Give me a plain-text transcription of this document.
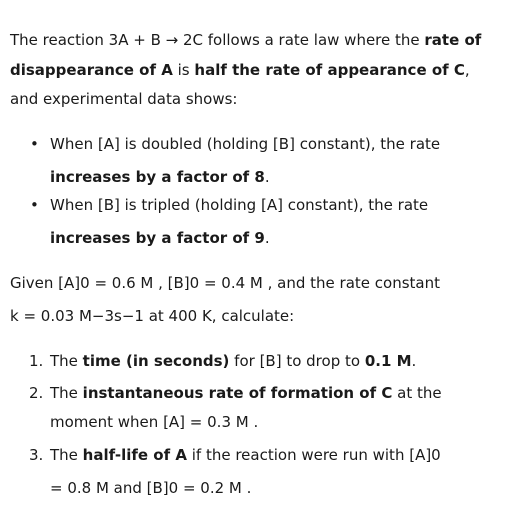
The reaction 3A + B → 2C follows a rate law where the rate of
disappearance of A is half the rate of appearance of C,
and experimental data shows:
• When [A] is doubled (holding [B] constant), the rate
increases by a factor of 8.
• When [B] is tripled (holding [A] constant), the rate
increases by a factor of 9.
Given [A]0 = 0.6 M , [B]0 = 0.4 M , and the rate constant
k = 0.03 M−3s−1 at 400 K, calculate:
1. The time (in seconds) for [B] to drop to 0.1 M.
2. The instantaneous rate of formation of C at the
moment when [A] = 0.3 M .
3. The half-life of A if the reaction were run with [A]0
= 0.8 M and [B]0 = 0.2 M .
